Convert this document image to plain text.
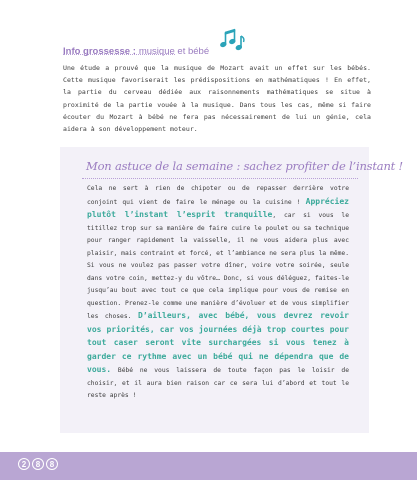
Info grossesse : musique et bébé
Une étude a prouvé que la musique de Mozart avait un effet sur les bébés. Cette musique favoriserait les prédispositions en mathématiques ! En effet, la partie du cerveau dédiée aux raisonnements mathématiques se situe à proximité de la partie vouée à la musique. Dans tous les cas, même si faire écouter du Mozart à bébé ne fera pas nécessairement de lui un génie, cela aidera à son développement moteur.
Mon astuce de la semaine : sachez profiter de l’instant !
Cela ne sert à rien de chipoter ou de repasser derrière votre conjoint qui vient de faire le ménage ou la cuisine ! Appréciez plutôt l’instant l’esprit tranquille, car si vous le titillez trop sur sa manière de faire cuire le poulet ou sa technique pour ranger rapidement la vaisselle, il ne vous aidera plus avec plaisir, mais contraint et forcé, et l’ambiance ne sera plus la même. Si vous ne voulez pas passer votre dîner, voire votre soirée, seule dans votre coin, mettez-y du vôtre… Donc, si vous déléguez, faites-le jusqu’au bout avec tout ce que cela implique pour vous de remise en question. Prenez-le comme une manière d’évoluer et de vous simplifier les choses. D’ailleurs, avec bébé, vous devrez revoir vos priorités, car vos journées déjà trop courtes pour tout caser seront vite surchargées si vous tenez à garder ce rythme avec un bébé qui ne dépendra que de vous. Bébé ne vous laissera de toute façon pas le loisir de choisir, et il aura bien raison car ce sera lui d’abord et tout le reste après !
2	8	8
